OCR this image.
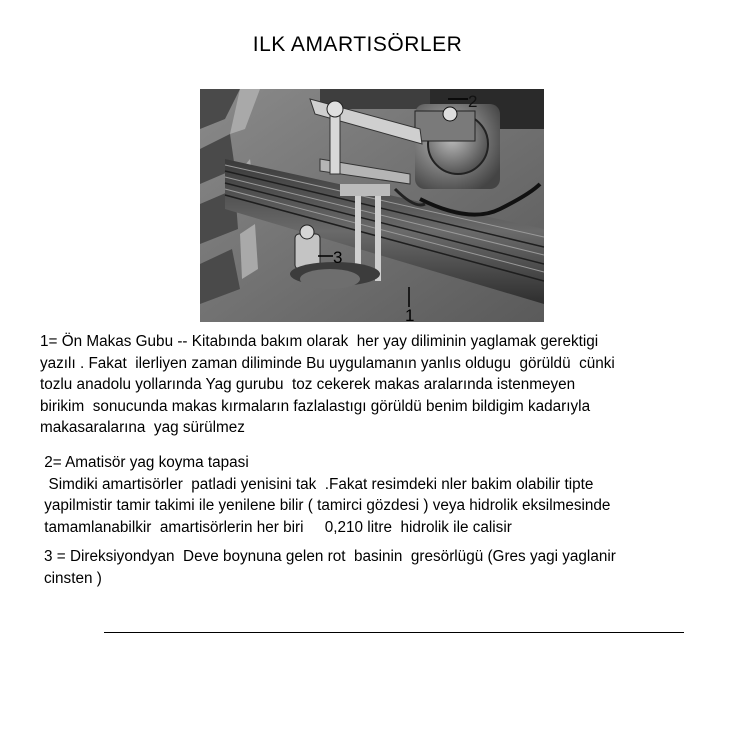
ILK AMARTISÖRLER
2
3
1
1= Ön Makas Gubu -- Kitabında bakım olarak  her yay diliminin yaglamak gerektigi
yazılı . Fakat  ilerliyen zaman diliminde Bu uygulamanın yanlıs oldugu  görüldü  cünki
tozlu anadolu yollarında Yag gurubu  toz cekerek makas aralarında istenmeyen
birikim  sonucunda makas kırmaların fazlalastıgı görüldü benim bildigim kadarıyla
makasaralarına  yag sürülmez
2= Amatisör yag koyma tapasi
Simdiki amartisörler  patladi yenisini tak  .Fakat resimdeki nler bakim olabilir tipte
yapilmistir tamir takimi ile yenilene bilir ( tamirci gözdesi ) veya hidrolik eksilmesinde
tamamlanabilkir  amartisörlerin her biri     0,210 litre  hidrolik ile calisir
3 = Direksiyondyan  Deve boynuna gelen rot  basinin  gresörlügü (Gres yagi yaglanir
cinsten )
